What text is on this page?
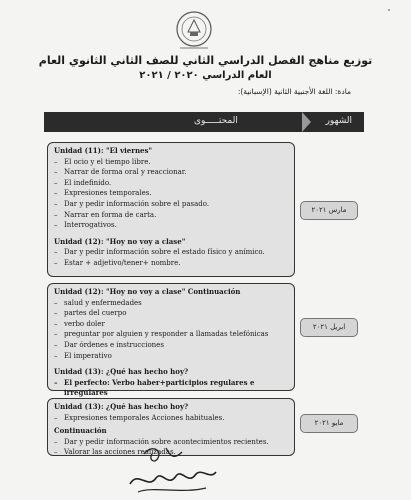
توزيع مناهج الفصل الدراسي الثاني للصف الثاني الثانوي العام
العام الدراسي ٢٠٢٠ / ٢٠٢١
مادة: اللغة الأجنبية الثانية (الإسبانية):
المحتـــــوى	الشهور
Unidad (11): "El viernes"
– El ocio y el tiempo libre.
– Narrar de forma oral y reaccionar.
– El indefinido.
– Expresiones temporales.
– Dar y pedir información sobre el pasado.
– Narrar en forma de carta.
– Interrogativos.
Unidad (12): "Hoy no voy a clase"
– Dar y pedir información sobre el estado físico y anímico.
– Estar + adjetivo/tener+ nombre.
مارس ٢٠٢١
Unidad (12): "Hoy no voy a clase" Continuación
– salud y enfermedades
– partes del cuerpo
– verbo doler
– preguntar por alguien y responder a llamadas telefónicas
– Dar órdenes e instrucciones
– El imperativo
Unidad (13): ¿Qué has hecho hoy?
– El perfecto: Verbo haber+participios regulares e irregulares
ابريل ٢٠٢١
Unidad (13): ¿Qué has hecho hoy?
– Expresiones temporales Acciones habituales.
Continuación
– Dar y pedir información sobre acontecimientos recientes.
– Valorar las acciones realizadas.
مايو ٢٠٢١
